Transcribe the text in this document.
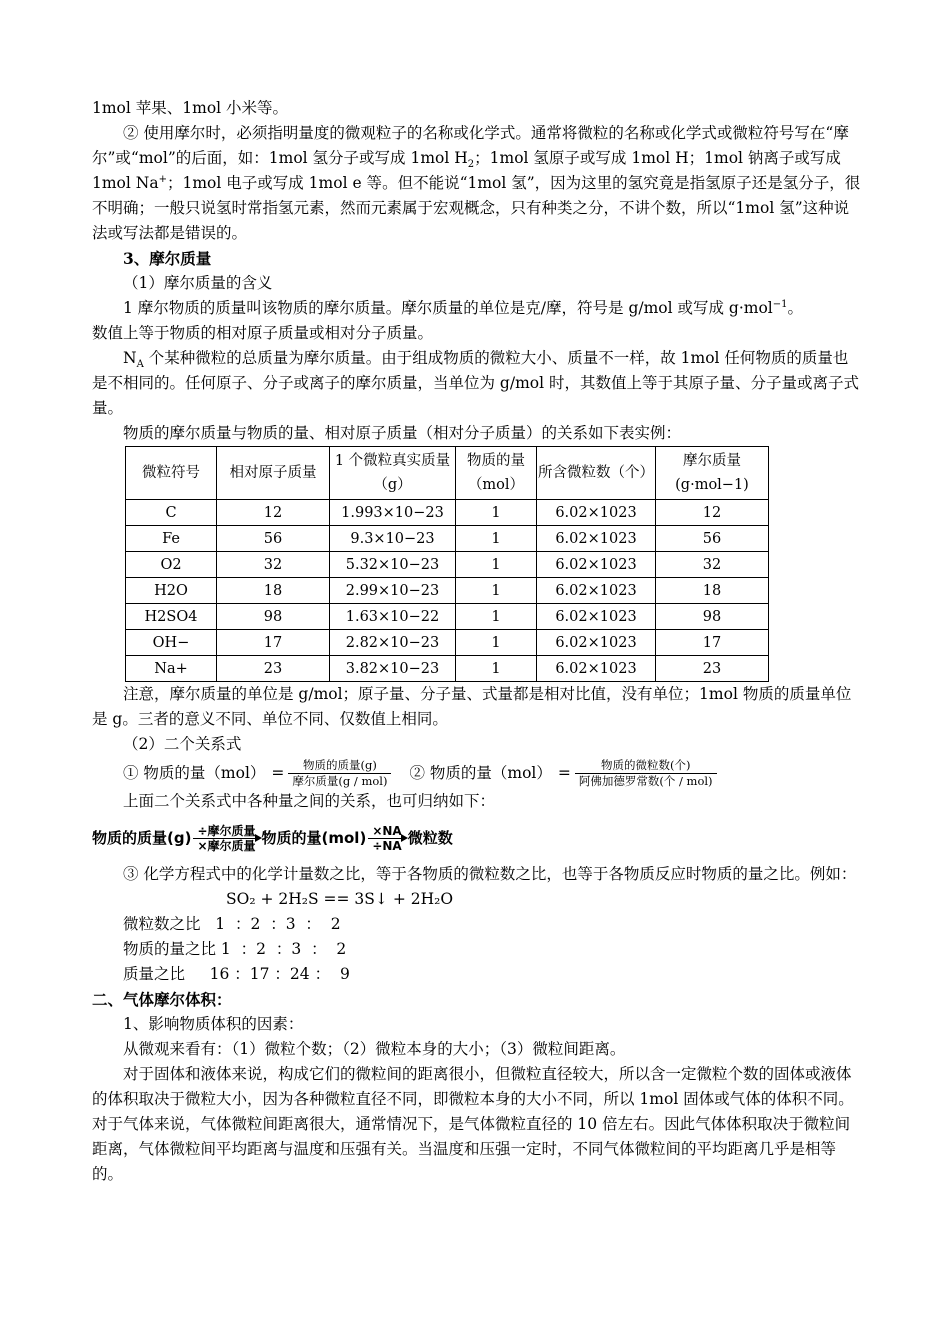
1mol 苹果、1mol 小米等。

② 使用摩尔时，必须指明量度的微观粒子的名称或化学式。通常将微粒的名称或化学式或微粒符号写在“摩尔”或“mol”的后面，如：1mol 氢分子或写成 1mol $H_2$；1mol 氢原子或写成 1mol H；1mol 钠离子或写成 1mol Na+；1mol 电子或写成 1mol e 等。但不能说“1mol 氢”，因为这里的氢究竟是指氢原子还是氢分子，很不明确；一般只说氢时常指氢元素，然而元素属于宏观概念，只有种类之分，不讲个数，所以“1mol 氢”这种说法或写法都是错误的。

3、摩尔质量

（1）摩尔质量的含义

1 摩尔物质的质量叫该物质的摩尔质量。摩尔质量的单位是克/摩，符号是 g/mol 或写成 g·mol$^{-1}$。

数值上等于物质的相对原子质量或相对分子质量。

$N_A$ 个某种微粒的总质量为摩尔质量。由于组成物质的微粒大小、质量不一样，故 1mol 任何物质的质量也是不相同的。任何原子、分子或离子的摩尔质量，当单位为 g/mol 时，其数值上等于其原子量、分子量或离子式量。

物质的摩尔质量与物质的量、相对原子质量（相对分子质量）的关系如下表实例：

微粒符号	相对原子质量	1 个微粒真实质量（g）	物质的量（mol）	所含微粒数（个）	摩尔质量(g·mol−1)
C	12	1.993×10−23	1	6.02×1023	12
Fe	56	9.3×10−23	1	6.02×1023	56
O2	32	5.32×10−23	1	6.02×1023	32
H2O	18	2.99×10−23	1	6.02×1023	18
H2SO4	98	1.63×10−22	1	6.02×1023	98
OH−	17	2.82×10−23	1	6.02×1023	17
Na+	23	3.82×10−23	1	6.02×1023	23

注意，摩尔质量的单位是 g/mol；原子量、分子量、式量都是相对比值，没有单位；1mol 物质的质量单位是 g。三者的意义不同、单位不同、仅数值上相同。

（2）二个关系式

① 物质的量$(mol) = \frac{\text{物质的质量(g)}}{\text{摩尔质量(g / mol)}}$ ② 物质的量$(mol) = \frac{\text{物质的微粒数(个)}}{\text{阿佛加德罗常数(个 / mol)}}$

上面二个关系式中各种量之间的关系，也可归纳如下：

物质的质量(g) ÷摩尔质量
×摩尔质量 物质的量(mol) ×NA
÷NA 微粒数

③ 化学方程式中的化学计量数之比，等于各物质的微粒数之比，也等于各物质反应时物质的量之比。例如：

SO₂ + 2H₂S == 3S↓ + 2H₂O

微粒数之比   1  ：2  ：3  ：  2

物质的量之比 1  ：2  ：3  ：  2

质量之比     16 ：17 ：24 ：  9

二、气体摩尔体积：

1、影响物质体积的因素：

从微观来看有：（1）微粒个数；（2）微粒本身的大小；（3）微粒间距离。

对于固体和液体来说，构成它们的微粒间的距离很小，但微粒直径较大，所以含一定微粒个数的固体或液体的体积取决于微粒大小，因为各种微粒直径不同，即微粒本身的大小不同，所以 1mol 固体或气体的体积不同。对于气体来说，气体微粒间距离很大，通常情况下，是气体微粒直径的 10 倍左右。因此气体体积取决于微粒间距离，气体微粒间平均距离与温度和压强有关。当温度和压强一定时，不同气体微粒间的平均距离几乎是相等的。
